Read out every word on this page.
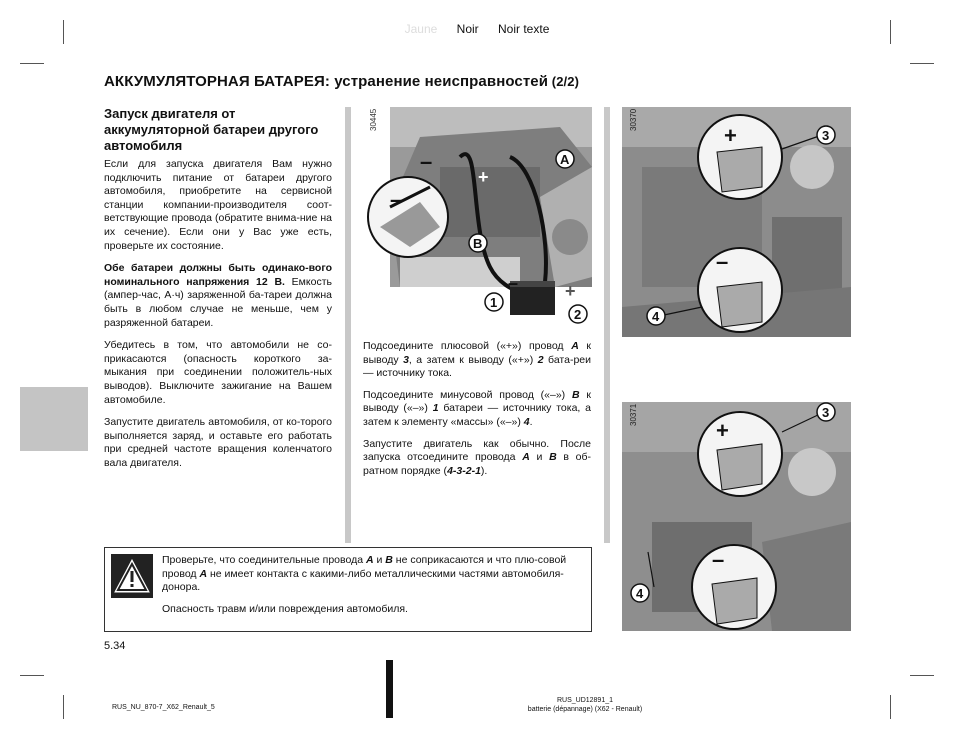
Jaune Noir Noir texte
АККУМУЛЯТОРНАЯ БАТАРЕЯ: устранение неисправностей (2/2)
Запуск двигателя от аккумуляторной батареи другого автомобиля

Если для запуска двигателя Вам нужно подключить питание от батареи другого автомобиля, приобретите на сервисной станции компании-производителя соот-ветствующие провода (обратите внима-ние на их сечение). Если они у Вас уже есть, проверьте их состояние.

Обе батареи должны быть одинако-вого номинального напряжения 12 В. Емкость (ампер-час, А·ч) заряженной ба-тареи должна быть в любом случае не меньше, чем у разряженной батареи.

Убедитесь в том, что автомобили не со-прикасаются (опасность короткого за-мыкания при соединении положитель-ных выводов). Выключите зажигание на Вашем автомобиле.

Запустите двигатель автомобиля, от ко-торого выполняется заряд, и оставьте его работать при средней частоте вращения коленчатого вала двигателя.

30445
–
+
–
+
–
A
B
1
2
30370
+
–
3
4
30371
+
–
3
4

Подсоедините плюсовой («+») провод A к выводу 3, а затем к выводу («+») 2 бата-реи — источнику тока.

Подсоедините минусовой провод («–») B к выводу («–») 1 батареи — источнику тока, а затем к элементу «массы» («–») 4.

Запустите двигатель как обычно. После запуска отсоедините провода A и B в об-ратном порядке (4-3-2-1).

Проверьте, что соединительные провода A и B не соприкасаются и что плю-совой провод A не имеет контакта с какими-либо металлическими частями автомобиля-донора.

Опасность травм и/или повреждения автомобиля.

5.34
RUS_NU_870-7_X62_Renault_5
RUS_UD12891_1
batterie (dépannage) (X62 - Renault)
